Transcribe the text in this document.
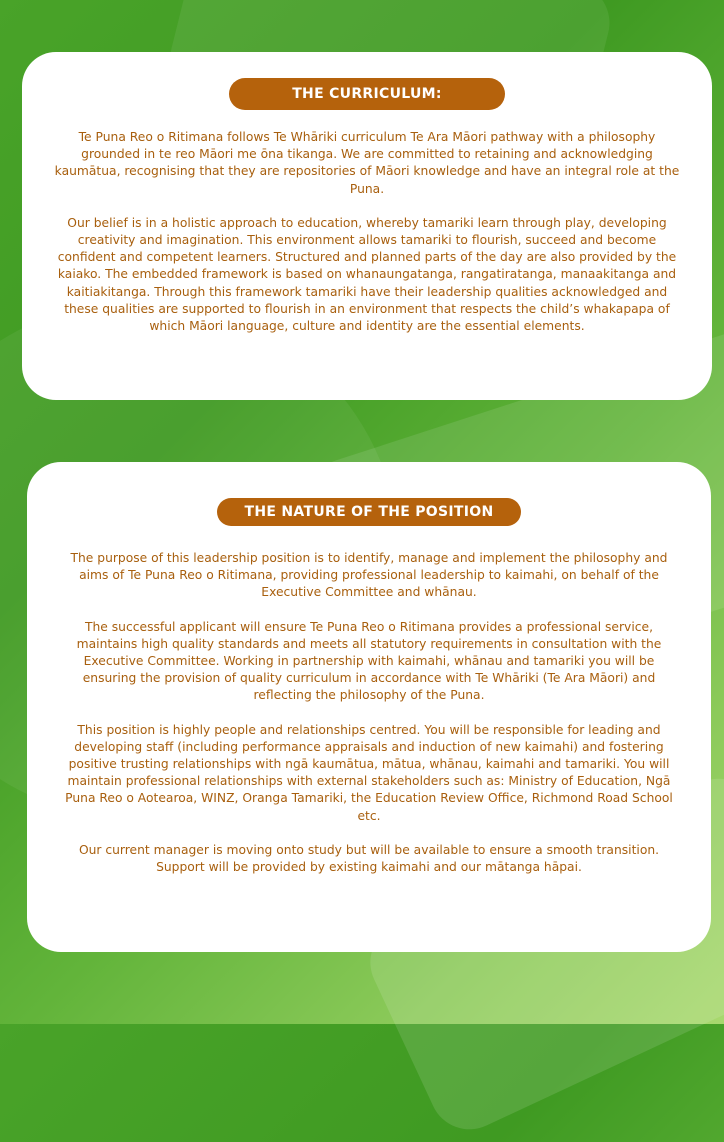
THE CURRICULUM:

Te Puna Reo o Ritimana follows Te Whāriki curriculum Te Ara Māori pathway with a philosophy grounded in te reo Māori me ōna tikanga. We are committed to retaining and acknowledging kaumātua, recognising that they are repositories of Māori knowledge and have an integral role at the Puna.

Our belief is in a holistic approach to education, whereby tamariki learn through play, developing creativity and imagination. This environment allows tamariki to flourish, succeed and become confident and competent learners. Structured and planned parts of the day are also provided by the kaiako. The embedded framework is based on whanaungatanga, rangatiratanga, manaakitanga and kaitiakitanga. Through this framework tamariki have their leadership qualities acknowledged and these qualities are supported to flourish in an environment that respects the child’s whakapapa of which Māori language, culture and identity are the essential elements.

THE NATURE OF THE POSITION

The purpose of this leadership position is to identify, manage and implement the philosophy and aims of Te Puna Reo o Ritimana, providing professional leadership to kaimahi, on behalf of the Executive Committee and whānau.

The successful applicant will ensure Te Puna Reo o Ritimana provides a professional service, maintains high quality standards and meets all statutory requirements in consultation with the Executive Committee. Working in partnership with kaimahi, whānau and tamariki you will be ensuring the provision of quality curriculum in accordance with Te Whāriki (Te Ara Māori) and reflecting the philosophy of the Puna.

This position is highly people and relationships centred. You will be responsible for leading and developing staff (including performance appraisals and induction of new kaimahi) and fostering positive trusting relationships with ngā kaumātua, mātua, whānau, kaimahi and tamariki. You will maintain professional relationships with external stakeholders such as: Ministry of Education, Ngā Puna Reo o Aotearoa, WINZ, Oranga Tamariki, the Education Review Office, Richmond Road School etc.

Our current manager is moving onto study but will be available to ensure a smooth transition. Support will be provided by existing kaimahi and our mātanga hāpai.
